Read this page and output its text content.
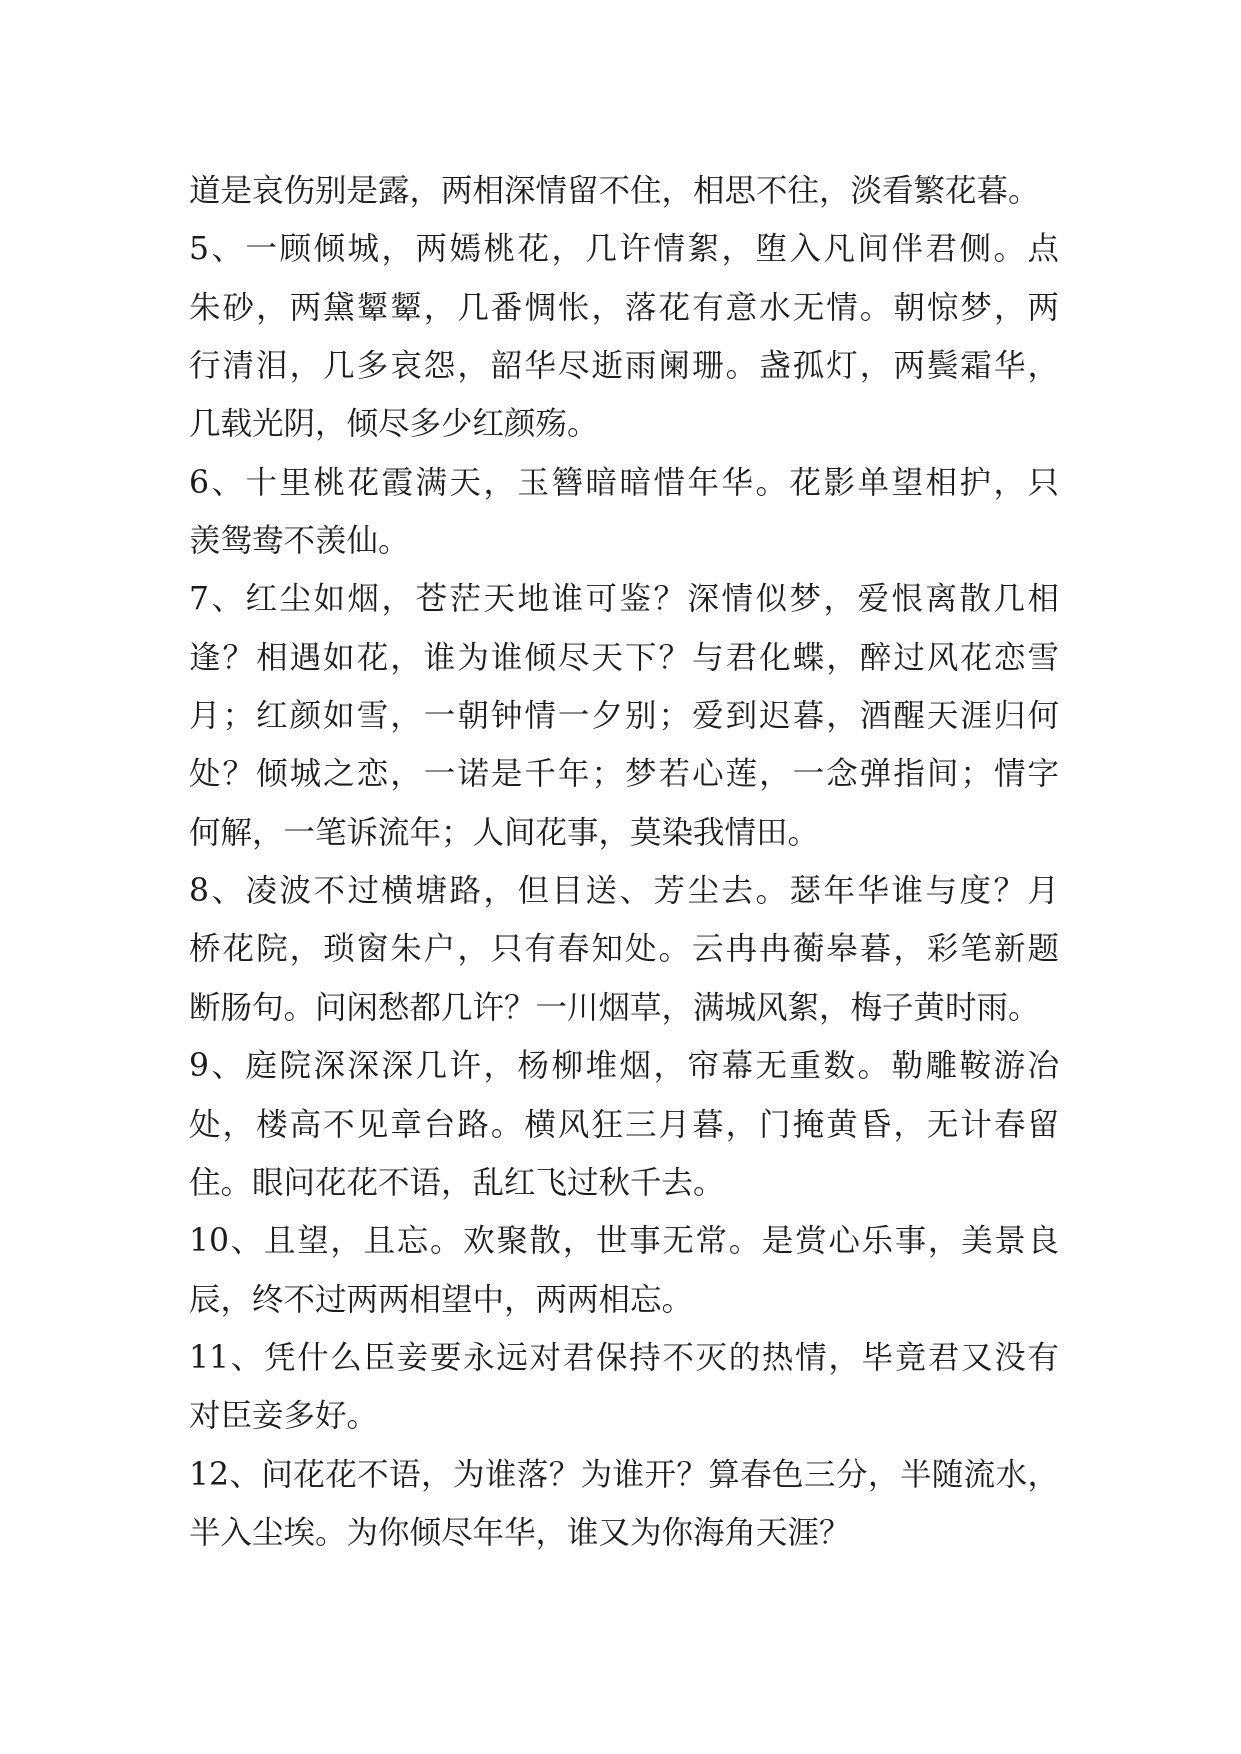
道是哀伤别是露，两相深情留不住，相思不往，淡看繁花暮。
5、一顾倾城，两嫣桃花，几许情絮，堕入凡间伴君侧。点
朱砂，两黛颦颦，几番惆怅，落花有意水无情。朝惊梦，两
行清泪，几多哀怨，韶华尽逝雨阑珊。盏孤灯，两鬓霜华，
几载光阴，倾尽多少红颜殇。
6、十里桃花霞满天，玉簪暗暗惜年华。花影单望相护，只
羡鸳鸯不羡仙。
7、红尘如烟，苍茫天地谁可鉴？深情似梦，爱恨离散几相
逢？相遇如花，谁为谁倾尽天下？与君化蝶，醉过风花恋雪
月；红颜如雪，一朝钟情一夕别；爱到迟暮，酒醒天涯归何
处？倾城之恋，一诺是千年；梦若心莲，一念弹指间；情字
何解，一笔诉流年；人间花事，莫染我情田。
8、凌波不过横塘路，但目送、芳尘去。瑟年华谁与度？月
桥花院，琐窗朱户，只有春知处。云冉冉蘅皋暮，彩笔新题
断肠句。问闲愁都几许？一川烟草，满城风絮，梅子黄时雨。
9、庭院深深深几许，杨柳堆烟，帘幕无重数。勒雕鞍游冶
处，楼高不见章台路。横风狂三月暮，门掩黄昏，无计春留
住。眼问花花不语，乱红飞过秋千去。
10、且望，且忘。欢聚散，世事无常。是赏心乐事，美景良
辰，终不过两两相望中，两两相忘。
11、凭什么臣妾要永远对君保持不灭的热情，毕竟君又没有
对臣妾多好。
12、问花花不语，为谁落？为谁开？算春色三分，半随流水，
半入尘埃。为你倾尽年华，谁又为你海角天涯？
